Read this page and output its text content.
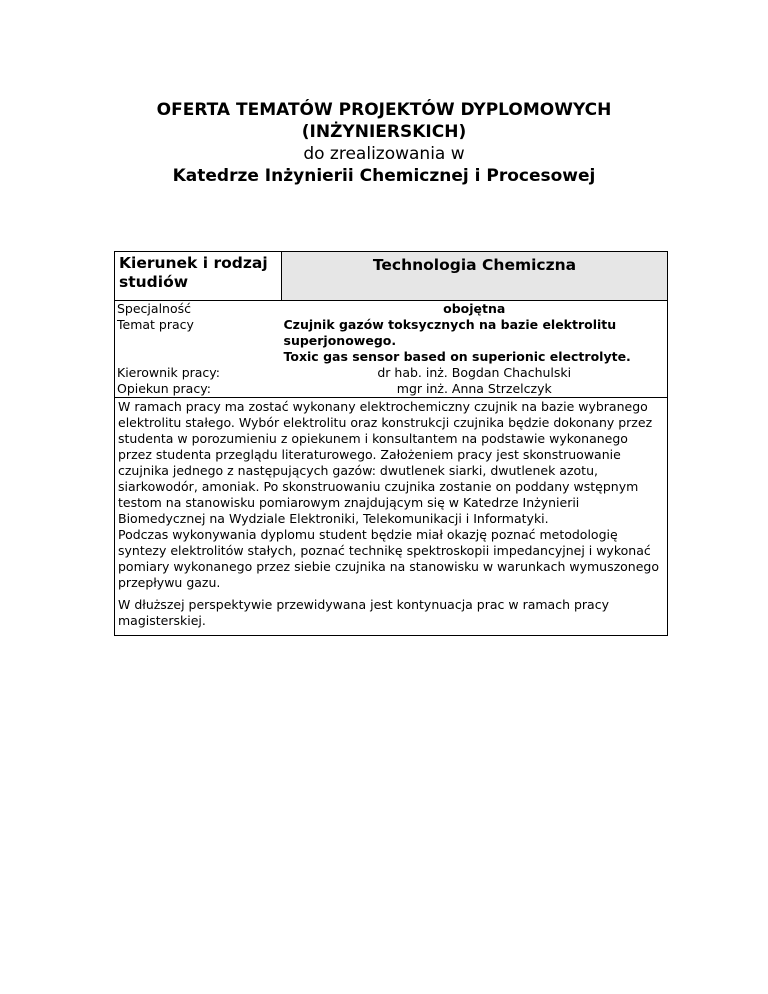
OFERTA TEMATÓW PROJEKTÓW DYPLOMOWYCH
(INŻYNIERSKICH)
do zrealizowania w
Katedrze Inżynierii Chemicznej i Procesowej
Kierunek i rodzaj studiów	Technologia Chemiczna
Specjalność	obojętna
Temat pracy	Czujnik gazów toksycznych na bazie elektrolitu superjonowego.
Toxic gas sensor based on superionic electrolyte.

Kierownik pracy:	dr hab. inż. Bogdan Chachulski
Opiekun pracy:	mgr inż. Anna Strzelczyk

W ramach pracy ma zostać wykonany elektrochemiczny czujnik na bazie wybranego elektrolitu stałego. Wybór elektrolitu oraz konstrukcji czujnika będzie dokonany przez studenta w porozumieniu z opiekunem i konsultantem na podstawie wykonanego przez studenta przeglądu literaturowego. Założeniem pracy jest skonstruowanie czujnika jednego z następujących gazów: dwutlenek siarki, dwutlenek azotu, siarkowodór, amoniak. Po skonstruowaniu czujnika zostanie on poddany wstępnym testom na stanowisku pomiarowym znajdującym się w Katedrze Inżynierii Biomedycznej na Wydziale Elektroniki, Telekomunikacji i Informatyki.

Podczas wykonywania dyplomu student będzie miał okazję poznać metodologię syntezy elektrolitów stałych, poznać technikę spektroskopii impedancyjnej i wykonać pomiary wykonanego przez siebie czujnika na stanowisku w warunkach wymuszonego przepływu gazu.

W dłuższej perspektywie przewidywana jest kontynuacja prac w ramach pracy magisterskiej.	
